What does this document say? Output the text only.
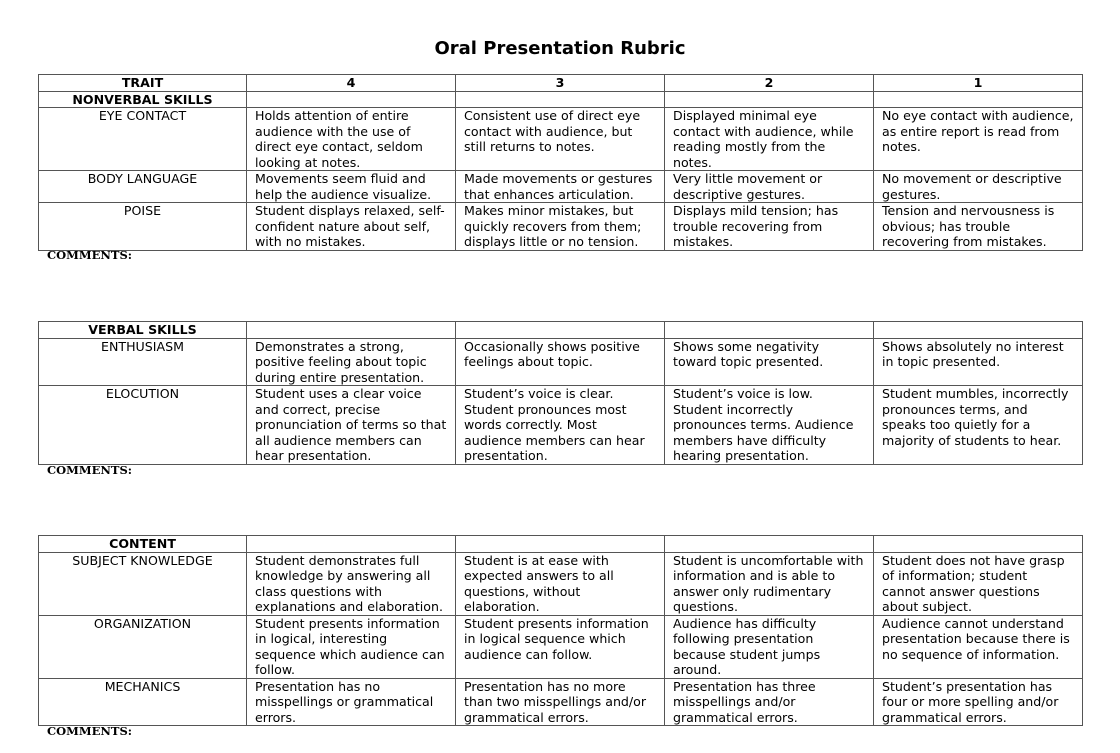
Oral Presentation Rubric
TRAIT	4	3	2	1
NONVERBAL SKILLS				
EYE CONTACT	Holds attention of entire audience with the use of direct eye contact, seldom looking at notes.	Consistent use of direct eye contact with audience, but still returns to notes.	Displayed minimal eye contact with audience, while reading mostly from the notes.	No eye contact with audience, as entire report is read from notes.
BODY LANGUAGE	Movements seem fluid and help the audience visualize.	Made movements or gestures that enhances articulation.	Very little movement or descriptive gestures.	No movement or descriptive gestures.
POISE	Student displays relaxed, self-confident nature about self, with no mistakes.	Makes minor mistakes, but quickly recovers from them; displays little or no tension.	Displays mild tension; has trouble recovering from mistakes.	Tension and nervousness is obvious; has trouble recovering from mistakes.
COMMENTS:
VERBAL SKILLS				
ENTHUSIASM	Demonstrates a strong, positive feeling about topic during entire presentation.	Occasionally shows positive feelings about topic.	Shows some negativity toward topic presented.	Shows absolutely no interest in topic presented.
ELOCUTION	Student uses a clear voice and correct, precise pronunciation of terms so that all audience members can hear presentation.	Student’s voice is clear. Student pronounces most words correctly. Most audience members can hear presentation.	Student’s voice is low. Student incorrectly pronounces terms. Audience members have difficulty hearing presentation.	Student mumbles, incorrectly pronounces terms, and speaks too quietly for a majority of students to hear.
COMMENTS:
CONTENT				
SUBJECT KNOWLEDGE	Student demonstrates full knowledge by answering all class questions with explanations and elaboration.	Student is at ease with expected answers to all questions, without elaboration.	Student is uncomfortable with information and is able to answer only rudimentary questions.	Student does not have grasp of information; student cannot answer questions about subject.
ORGANIZATION	Student presents information in logical, interesting sequence which audience can follow.	Student presents information in logical sequence which audience can follow.	Audience has difficulty following presentation because student jumps around.	Audience cannot understand presentation because there is no sequence of information.
MECHANICS	Presentation has no misspellings or grammatical errors.	Presentation has no more than two misspellings and/or grammatical errors.	Presentation has three misspellings and/or grammatical errors.	Student’s presentation has four or more spelling and/or grammatical errors.
COMMENTS:
